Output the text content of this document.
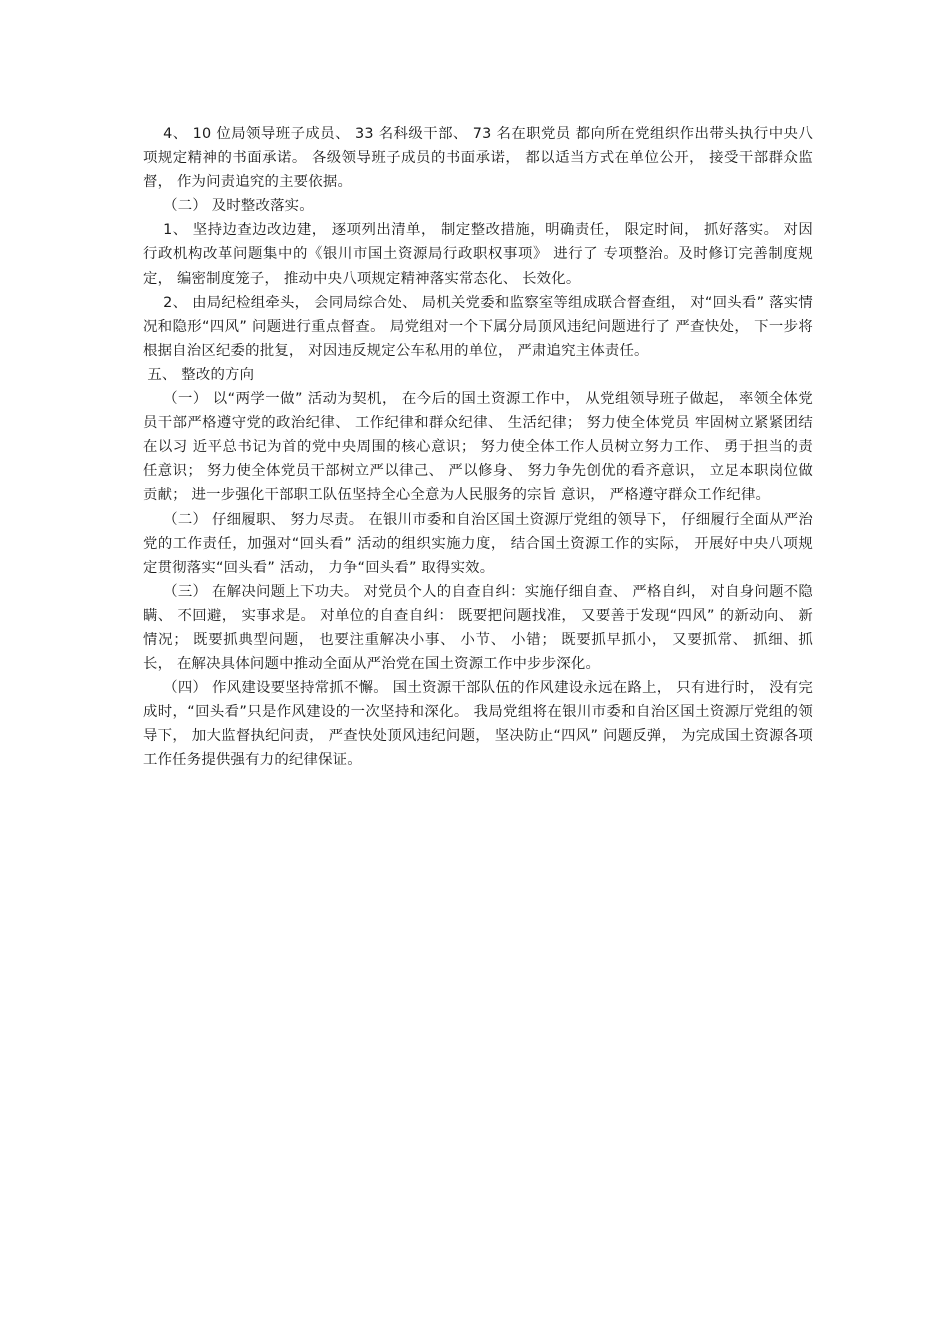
4、 10 位局领导班子成员、 33 名科级干部、 73 名在职党员 都向所在党组织作出带头执行中央八项规定精神的书面承诺。 各级领导班子成员的书面承诺， 都以适当方式在单位公开， 接受干部群众监督， 作为问责追究的主要依据。

（二） 及时整改落实。

1、 坚持边查边改边建， 逐项列出清单， 制定整改措施，明确责任， 限定时间， 抓好落实。 对因行政机构改革问题集中的《银川市国土资源局行政职权事项》 进行了 专项整治。及时修订完善制度规定， 编密制度笼子， 推动中央八项规定精神落实常态化、 长效化。

2、 由局纪检组牵头， 会同局综合处、 局机关党委和监察室等组成联合督查组， 对“回头看” 落实情况和隐形“四风” 问题进行重点督查。 局党组对一个下属分局顶风违纪问题进行了 严查快处， 下一步将根据自治区纪委的批复， 对因违反规定公车私用的单位， 严肃追究主体责任。

五、 整改的方向

（一） 以“两学一做” 活动为契机， 在今后的国土资源工作中， 从党组领导班子做起， 率领全体党员干部严格遵守党的政治纪律、 工作纪律和群众纪律、 生活纪律； 努力使全体党员 牢固树立紧紧团结在以习 近平总书记为首的党中央周围的核心意识； 努力使全体工作人员树立努力工作、 勇于担当的责任意识； 努力使全体党员干部树立严以律己、 严以修身、 努力争先创优的看齐意识， 立足本职岗位做贡献； 进一步强化干部职工队伍坚持全心全意为人民服务的宗旨 意识， 严格遵守群众工作纪律。

（二） 仔细履职、 努力尽责。 在银川市委和自治区国土资源厅党组的领导下， 仔细履行全面从严治党的工作责任，加强对“回头看” 活动的组织实施力度， 结合国土资源工作的实际， 开展好中央八项规定贯彻落实“回头看” 活动， 力争“回头看” 取得实效。

（三） 在解决问题上下功夫。 对党员个人的自查自纠：实施仔细自查、 严格自纠， 对自身问题不隐瞒、 不回避， 实事求是。 对单位的自查自纠： 既要把问题找准， 又要善于发现“四风” 的新动向、 新情况； 既要抓典型问题， 也要注重解决小事、 小节、 小错； 既要抓早抓小， 又要抓常、 抓细、抓长， 在解决具体问题中推动全面从严治党在国土资源工作中步步深化。

（四） 作风建设要坚持常抓不懈。 国土资源干部队伍的作风建设永远在路上， 只有进行时， 没有完成时，“回头看”只是作风建设的一次坚持和深化。 我局党组将在银川市委和自治区国土资源厅党组的领导下， 加大监督执纪问责， 严查快处顶风违纪问题， 坚决防止“四风” 问题反弹， 为完成国土资源各项工作任务提供强有力的纪律保证。
